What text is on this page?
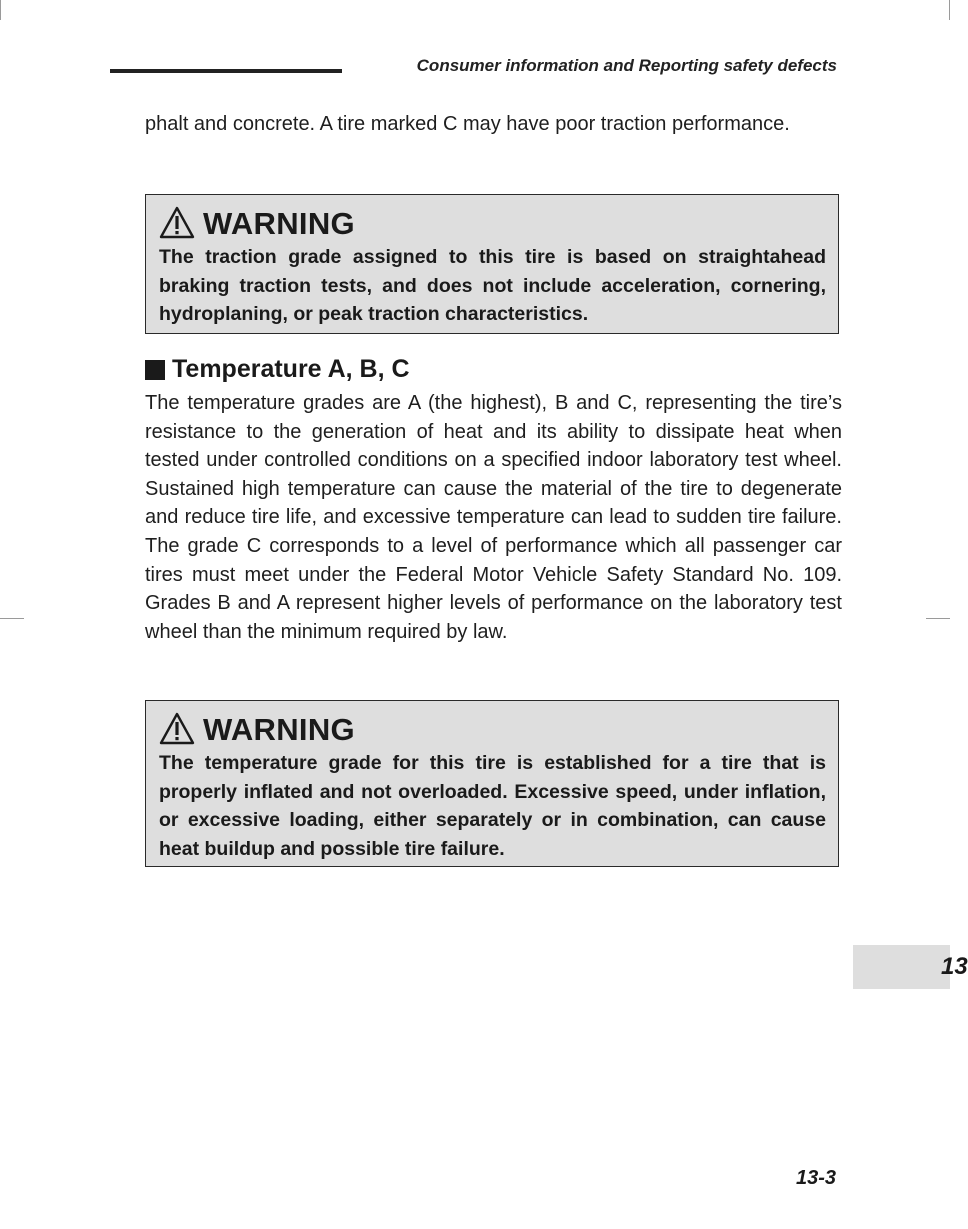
Consumer information and Reporting safety defects

phalt and concrete. A tire marked C may have poor traction performance.

WARNING

The traction grade assigned to this tire is based on straightahead braking traction tests, and does not include acceleration, cornering, hydroplaning, or peak traction characteristics.

Temperature A, B, C

The temperature grades are A (the highest), B and C, representing the tire’s resistance to the generation of heat and its ability to dissipate heat when tested under controlled conditions on a specified indoor laboratory test wheel. Sustained high temperature can cause the material of the tire to degenerate and reduce tire life, and excessive temperature can lead to sudden tire failure. The grade C corresponds to a level of performance which all passenger car tires must meet under the Federal Motor Vehicle Safety Standard No. 109. Grades B and A represent higher levels of performance on the laboratory test wheel than the minimum required by law.

WARNING

The temperature grade for this tire is established for a tire that is properly inflated and not overloaded. Excessive speed, under inflation, or excessive loading, either separately or in combination, can cause heat buildup and possible tire failure.

13
13-3
